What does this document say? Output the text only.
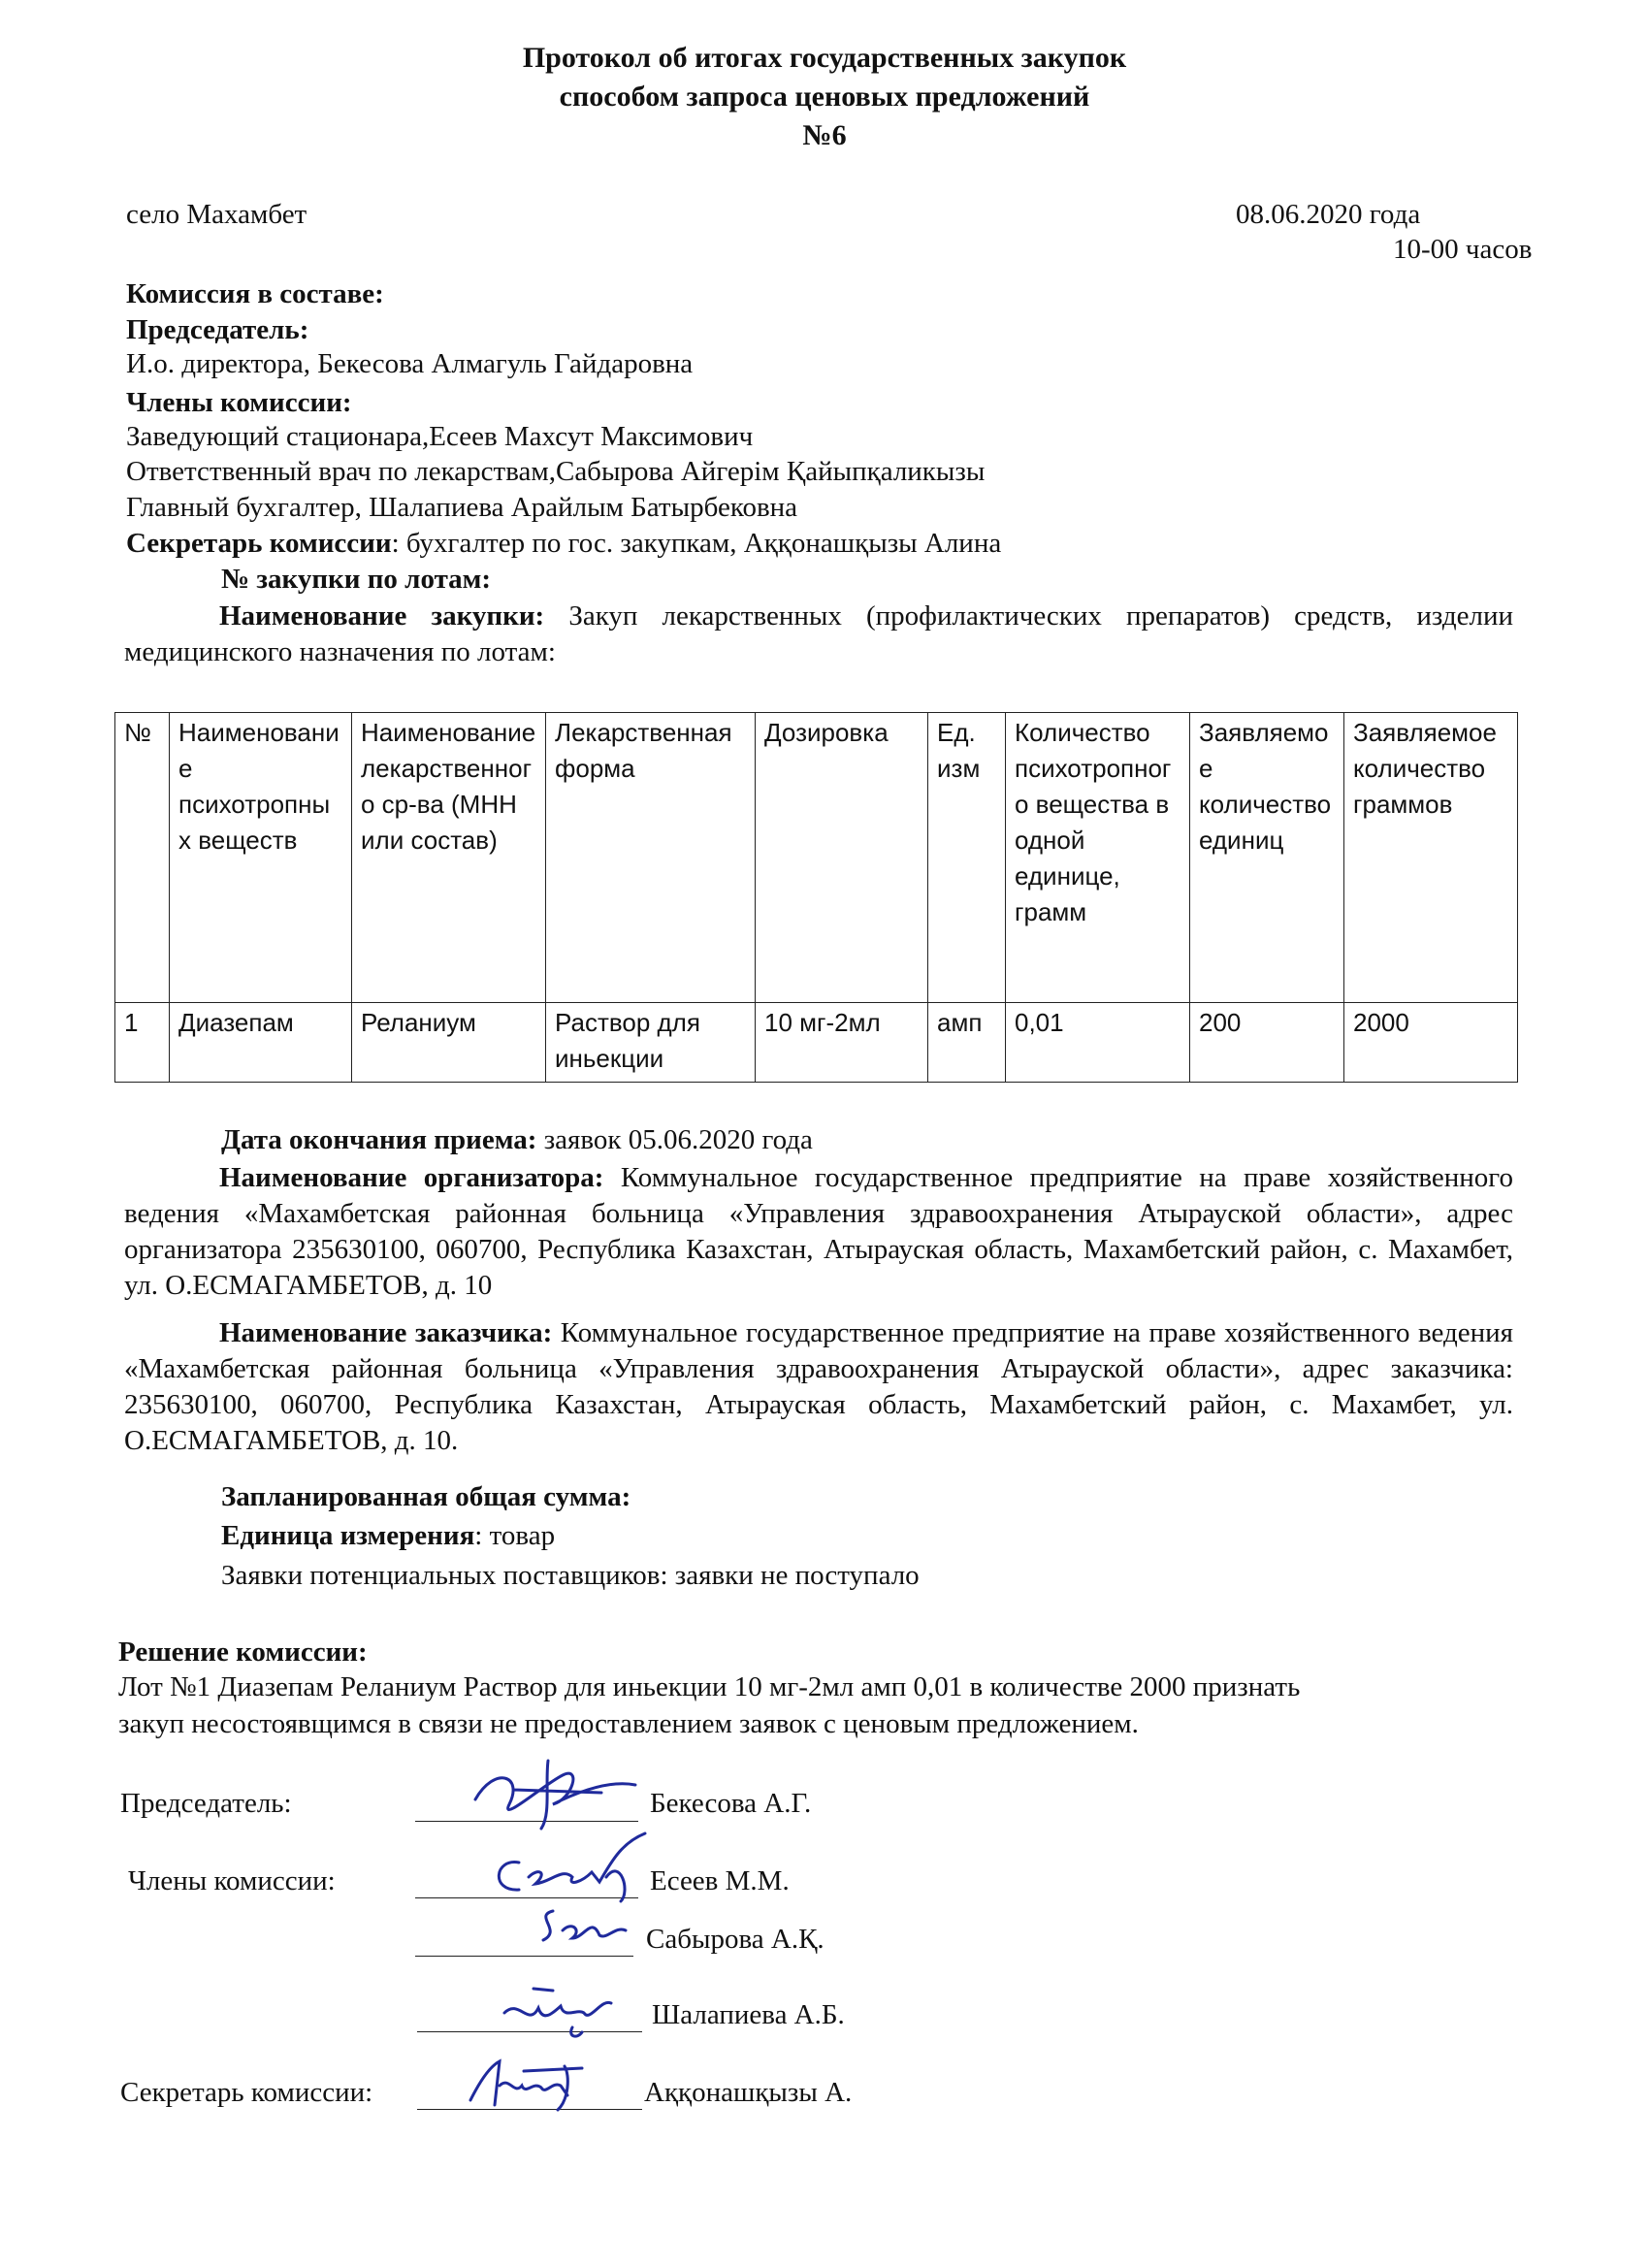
Протокол об итогах государственных закупок
способом запроса ценовых предложений
№6
село Махамбет	08.06.2020 года
10-00 часов
Комиссия в составе:
Председатель:
И.о. директора, Бекесова Алмагуль Гайдаровна
Члены комиссии:
Заведующий стационара,Есеев Махсут Максимович
Ответственный врач по лекарствам,Сабырова Айгерім Қайыпқаликызы
Главный бухгалтер, Шалапиева Арайлым Батырбековна
Секретарь комиссии: бухгалтер по гос. закупкам, Аққонашқызы Алина
№ закупки по лотам:
Наименование закупки: Закуп лекарственных (профилактических препаратов) средств, изделии медицинского назначения по лотам:
№	Наименование психотропных веществ	Наименование лекарственного ср-ва (МНН или состав)	Лекарственная форма	Дозировка	Ед. изм	Количество психотропного вещества в одной единице, грамм	Заявляемое количество единиц	Заявляемое количество граммов
1	Диазепам	Реланиум	Раствор для иньекции	10 мг-2мл	амп	0,01	200	2000
Дата окончания приема: заявок 05.06.2020 года
Наименование организатора: Коммунальное государственное предприятие на праве хозяйственного ведения «Махамбетская районная больница «Управления здравоохранения Атырауской области», адрес организатора 235630100, 060700, Республика Казахстан, Атырауская область, Махамбетский район, с. Махамбет, ул. О.ЕСМАГАМБЕТОВ, д. 10
Наименование заказчика: Коммунальное государственное предприятие на праве хозяйственного ведения «Махамбетская районная больница «Управления здравоохранения Атырауской области», адрес заказчика: 235630100, 060700, Республика Казахстан, Атырауская область, Махамбетский район, с. Махамбет, ул. О.ЕСМАГАМБЕТОВ, д. 10.
Запланированная общая сумма:
Единица измерения: товар
Заявки потенциальных поставщиков: заявки не поступало
Решение комиссии:
Лот №1 Диазепам Реланиум Раствор для иньекции 10 мг-2мл амп 0,01 в количестве 2000 признать
закуп несостоявщимся в связи не предоставлением заявок с ценовым предложением.
Председатель:	Бекесова А.Г.
Члены комиссии:	Есеев М.М.
Сабырова А.Қ.
Шалапиева А.Б.
Секретарь комиссии:	Аққонашқызы А.
